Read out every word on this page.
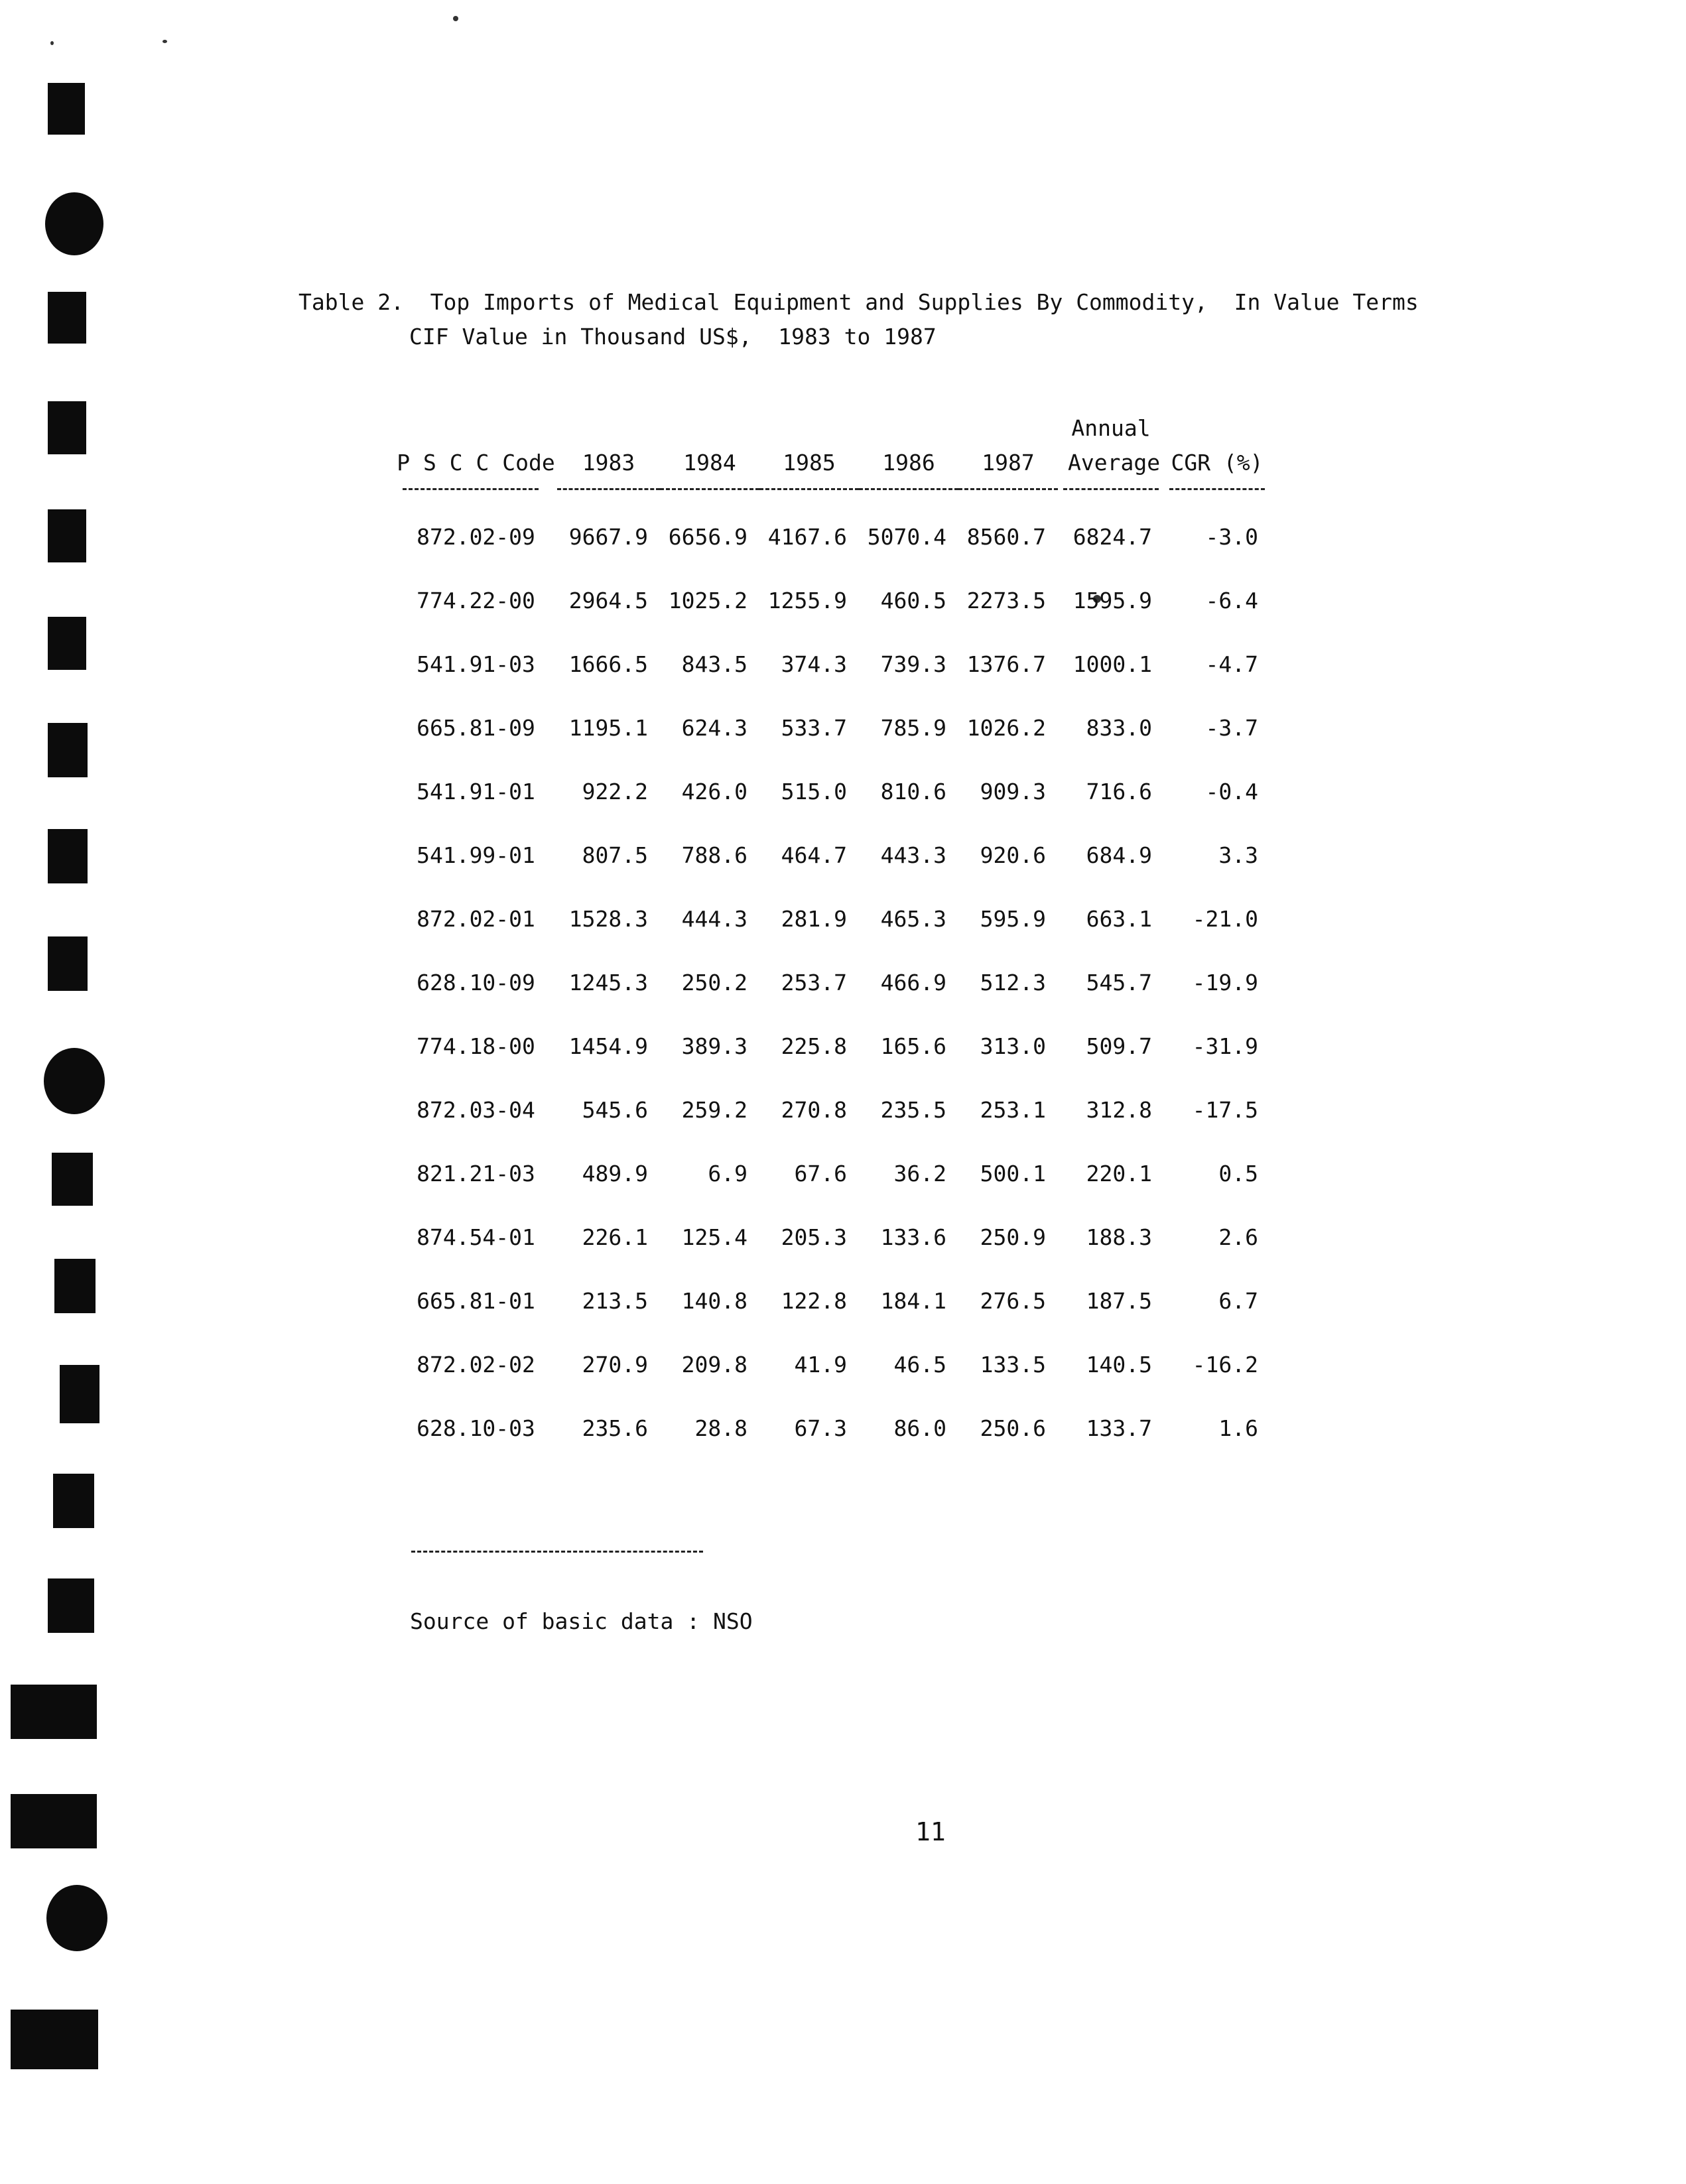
Table 2.  Top Imports of Medical Equipment and Supplies By Commodity,  In Value Terms
CIF Value in Thousand US$,  1983 to 1987
P S C C Code	1983	1984	1985	1986	1987	Annual Average	CGR (%)

872.02-09	9667.9	6656.9	4167.6	5070.4	8560.7	6824.7	-3.0
774.22-00	2964.5	1025.2	1255.9	460.5	2273.5	1595.9	-6.4
541.91-03	1666.5	843.5	374.3	739.3	1376.7	1000.1	-4.7
665.81-09	1195.1	624.3	533.7	785.9	1026.2	833.0	-3.7
541.91-01	922.2	426.0	515.0	810.6	909.3	716.6	-0.4
541.99-01	807.5	788.6	464.7	443.3	920.6	684.9	3.3
872.02-01	1528.3	444.3	281.9	465.3	595.9	663.1	-21.0
628.10-09	1245.3	250.2	253.7	466.9	512.3	545.7	-19.9
774.18-00	1454.9	389.3	225.8	165.6	313.0	509.7	-31.9
872.03-04	545.6	259.2	270.8	235.5	253.1	312.8	-17.5
821.21-03	489.9	6.9	67.6	36.2	500.1	220.1	0.5
874.54-01	226.1	125.4	205.3	133.6	250.9	188.3	2.6
665.81-01	213.5	140.8	122.8	184.1	276.5	187.5	6.7
872.02-02	270.9	209.8	41.9	46.5	133.5	140.5	-16.2
628.10-03	235.6	28.8	67.3	86.0	250.6	133.7	1.6
Source of basic data : NSO
11
